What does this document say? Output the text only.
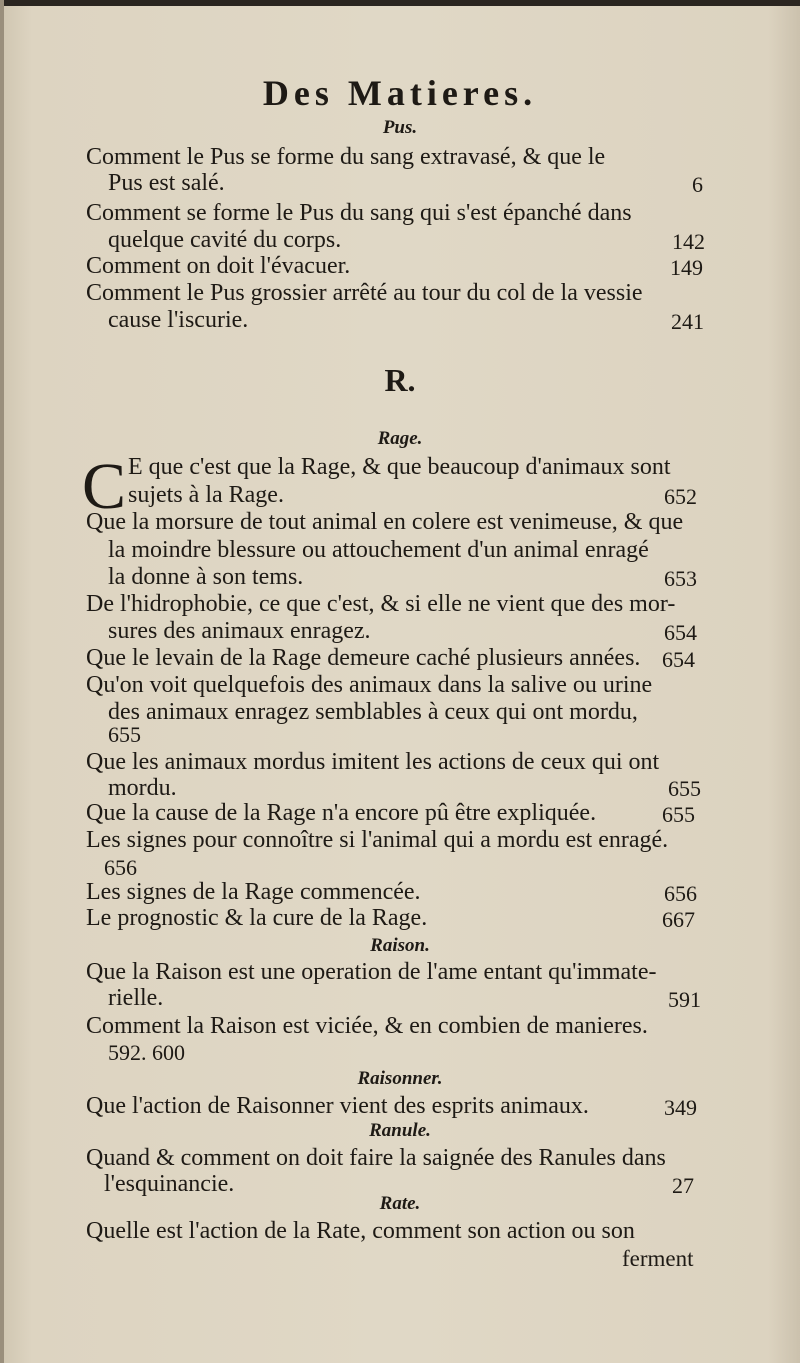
Des Matieres.
Pus.
Comment le Pus se forme du sang extravasé, & que le
Pus est salé.	6
Comment se forme le Pus du sang qui s'est épanché dans
quelque cavité du corps.	142
Comment on doit l'évacuer.	149
Comment le Pus grossier arrêté au tour du col de la vessie
cause l'iscurie.	241
R.
Rage.
C E que c'est que la Rage, & que beaucoup d'animaux sont
sujets à la Rage.	652
Que la morsure de tout animal en colere est venimeuse, & que
la moindre blessure ou attouchement d'un animal enragé
la donne à son tems.	653
De l'hidrophobie, ce que c'est, & si elle ne vient que des mor-
sures des animaux enragez.	654
Que le levain de la Rage demeure caché plusieurs années. 654
Qu'on voit quelquefois des animaux dans la salive ou urine
des animaux enragez semblables à ceux qui ont mordu,
655
Que les animaux mordus imitent les actions de ceux qui ont
mordu.	655
Que la cause de la Rage n'a encore pû être expliquée.	655
Les signes pour connoître si l'animal qui a mordu est enragé.
656
Les signes de la Rage commencée.	656
Le prognostic & la cure de la Rage.	667
Raison.
Que la Raison est une operation de l'ame entant qu'immate-
rielle.	591
Comment la Raison est viciée, & en combien de manieres.
592. 600
Raisonner.
Que l'action de Raisonner vient des esprits animaux.	349
Ranule.
Quand & comment on doit faire la saignée des Ranules dans
l'esquinancie.	27
Rate.
Quelle est l'action de la Rate, comment son action ou son
ferment
